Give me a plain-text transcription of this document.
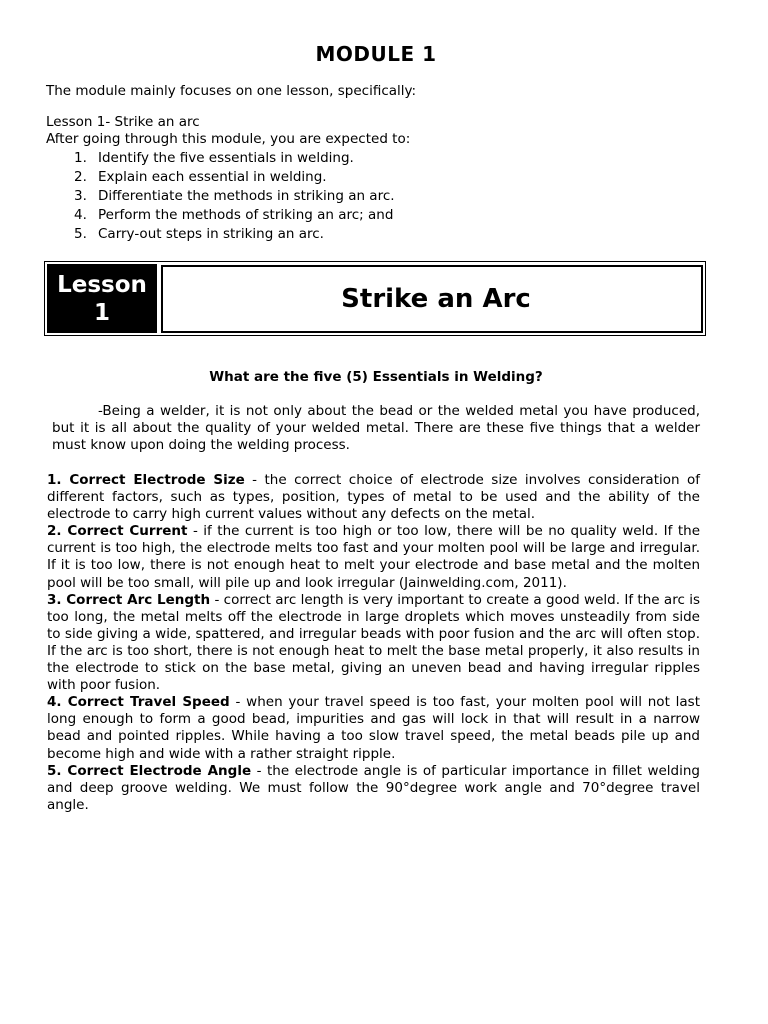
MODULE 1
The module mainly focuses on one lesson, specifically:
Lesson 1- Strike an arc
After going through this module, you are expected to:
1. Identify the five essentials in welding.
2. Explain each essential in welding.
3. Differentiate the methods in striking an arc.
4. Perform the methods of striking an arc; and
5. Carry-out steps in striking an arc.
Lesson
1	Strike an Arc
What are the five (5) Essentials in Welding?
-Being a welder, it is not only about the bead or the welded metal you have produced, but it is all about the quality of your welded metal. There are these five things that a welder must know upon doing the welding process.

1. Correct Electrode Size - the correct choice of electrode size involves consideration of different factors, such as types, position, types of metal to be used and the ability of the electrode to carry high current values without any defects on the metal.

2. Correct Current - if the current is too high or too low, there will be no quality weld. If the current is too high, the electrode melts too fast and your molten pool will be large and irregular. If it is too low, there is not enough heat to melt your electrode and base metal and the molten pool will be too small, will pile up and look irregular (Jainwelding.com, 2011).

3. Correct Arc Length - correct arc length is very important to create a good weld. If the arc is too long, the metal melts off the electrode in large droplets which moves unsteadily from side to side giving a wide, spattered, and irregular beads with poor fusion and the arc will often stop. If the arc is too short, there is not enough heat to melt the base metal properly, it also results in the electrode to stick on the base metal, giving an uneven bead and having irregular ripples with poor fusion.

4. Correct Travel Speed - when your travel speed is too fast, your molten pool will not last long enough to form a good bead, impurities and gas will lock in that will result in a narrow bead and pointed ripples. While having a too slow travel speed, the metal beads pile up and become high and wide with a rather straight ripple.

5. Correct Electrode Angle - the electrode angle is of particular importance in fillet welding and deep groove welding. We must follow the 90°degree work angle and 70°degree travel angle.
